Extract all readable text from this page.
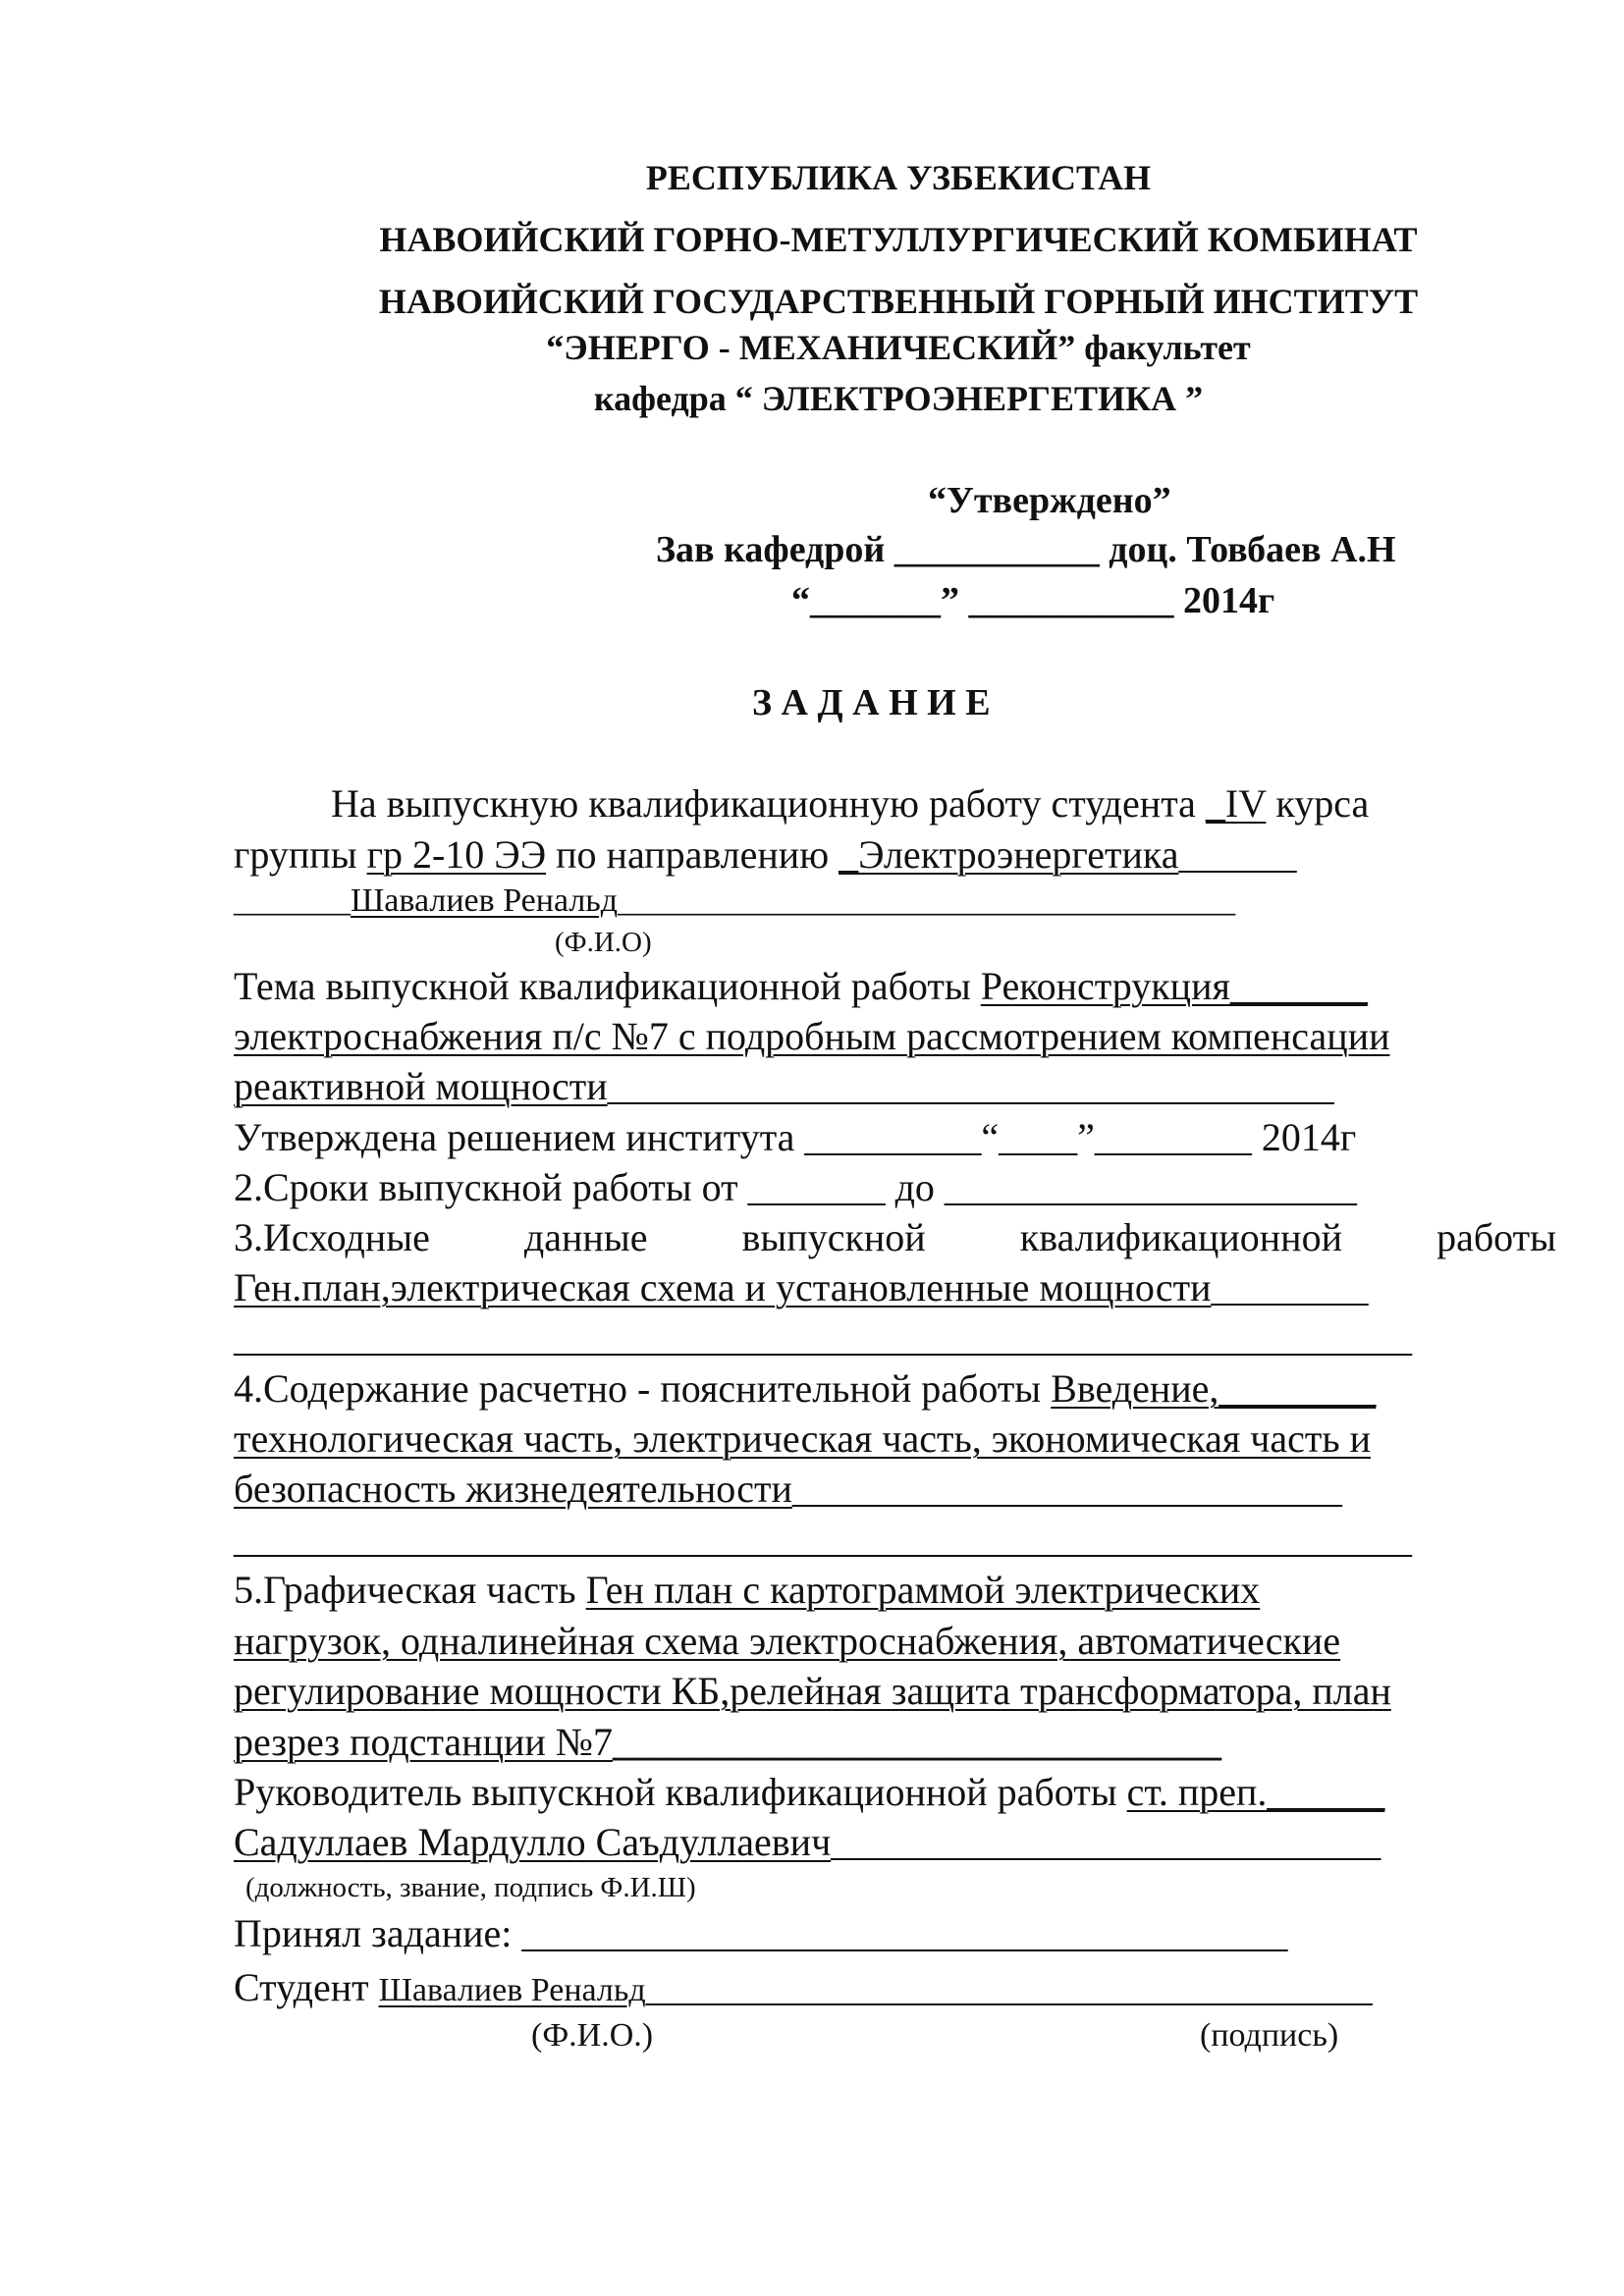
РЕСПУБЛИКА УЗБЕКИСТАН
НАВОИЙСКИЙ ГОРНО-МЕТУЛЛУРГИЧЕСКИЙ КОМБИНАТ
НАВОИЙСКИЙ ГОСУДАРСТВЕННЫЙ ГОРНЫЙ ИНСТИТУТ
“ЭНЕРГО - МЕХАНИЧЕСКИЙ” факультет
кафедра “ ЭЛЕКТРОЭНЕРГЕТИКА ”
“Утверждено”
Зав кафедрой ___________ доц. Товбаев А.Н
“_______” ___________ 2014г
З А Д А Н И Е
На выпускную квалификационную работу студента _IV курса
группы гр 2-10 ЭЭ по направлению _Электроэнергетика______
_______Шавалиев Ренальд_____________________________________
(Ф.И.О)
Тема выпускной квалификационной работы Реконструкция_______
электроснабжения п/с №7 с подробным рассмотрением компенсации
реактивной мощности_____________________________________
Утверждена решением института _________“____”________ 2014г
2.Сроки выпускной работы от _______ до _____________________
3.Исходные данные выпускной квалификационной работы
Ген.план,электрическая схема и установленные мощности________
____________________________________________________________
4.Содержание расчетно - пояснительной работы Введение,________
технологическая часть, электрическая часть, экономическая часть и
безопасность жизнедеятельности____________________________
____________________________________________________________
5.Графическая часть Ген план с картограммой электрических
нагрузок, одналинейная схема электроснабжения, автоматические
регулирование мощности КБ,релейная защита трансформатора, план
резрез подстанции №7_______________________________
Руководитель выпускной квалификационной работы ст. преп.______
Садуллаев Мардулло Саъдуллаевич____________________________
(должность, звание, подпись Ф.И.Ш)
Принял задание: _______________________________________
Студент Шавалиев Ренальд_____________________________________
(Ф.И.О.)	(подпись)
